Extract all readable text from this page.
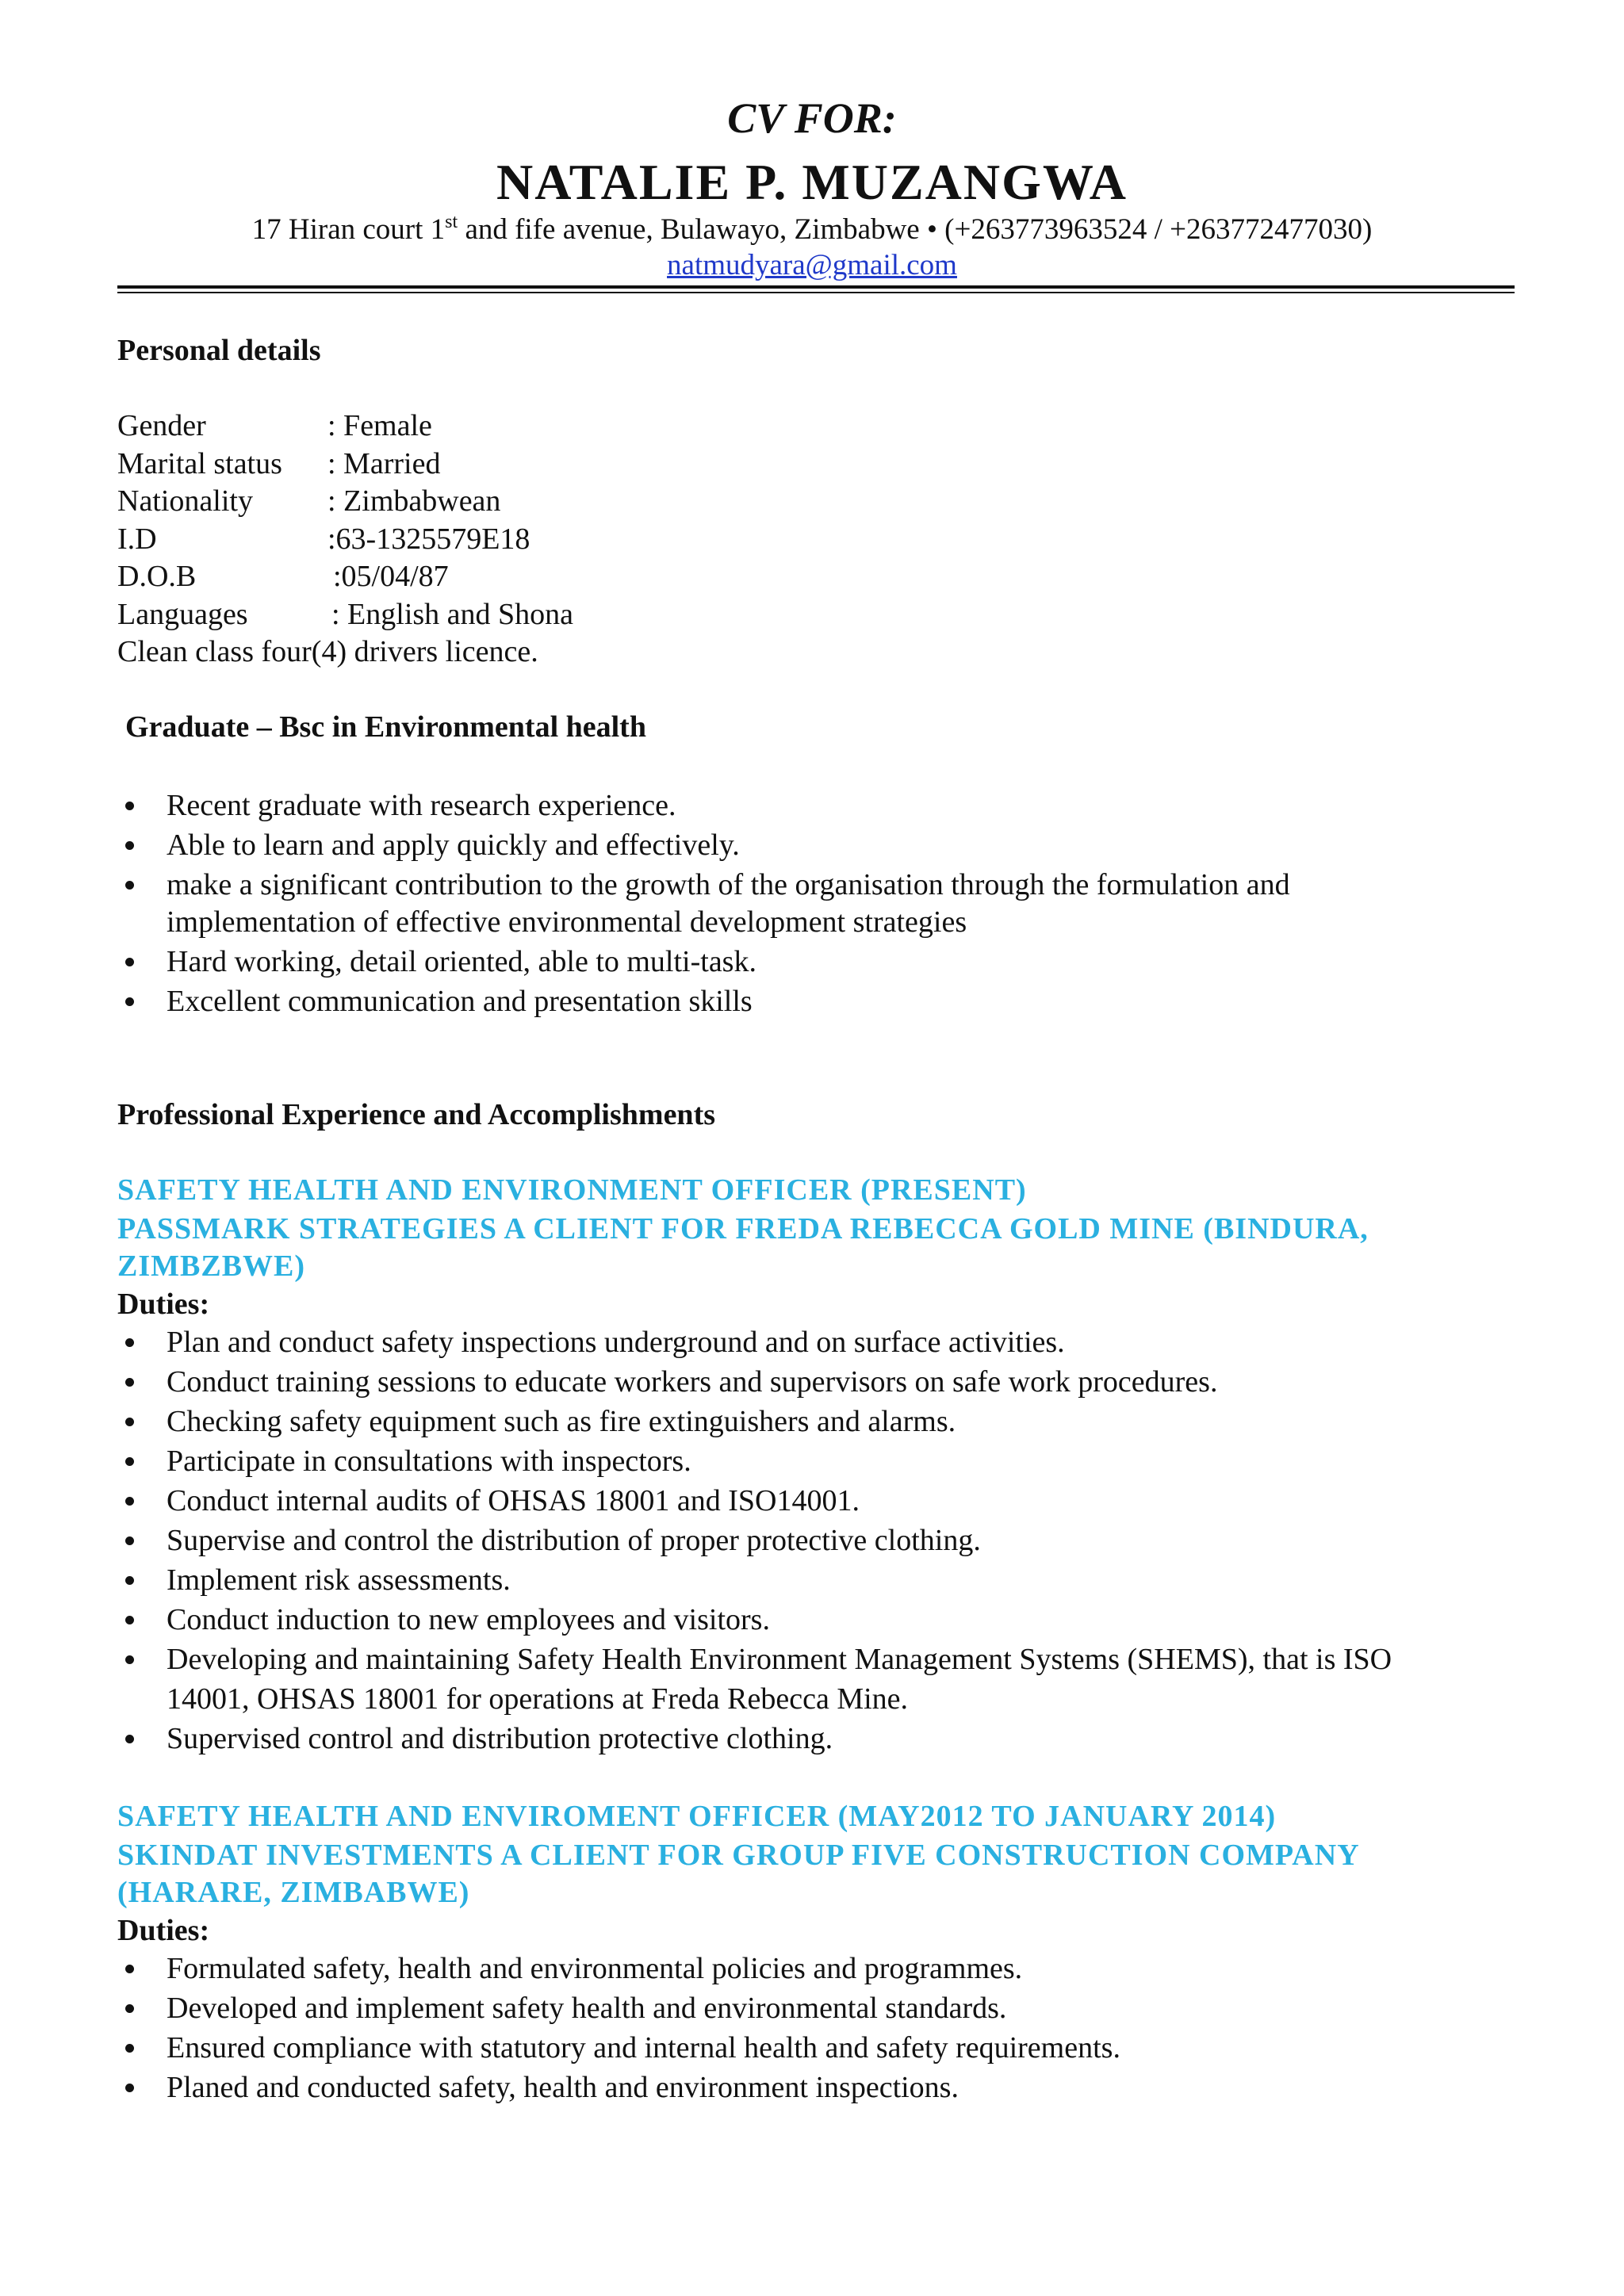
CV FOR:
NATALIE P. MUZANGWA
17 Hiran court 1st and fife avenue, Bulawayo, Zimbabwe • (+263773963524 / +263772477030)
natmudyara@gmail.com
Personal details
Gender	: Female
Marital status : Married
Nationality : Zimbabwean
I.D	:63-1325579E18
D.O.B	:05/04/87
Languages	: English and Shona
Clean class four(4) drivers licence.
Graduate – Bsc in Environmental health
Recent graduate with research experience.
Able to learn and apply quickly and effectively.
make a significant contribution to the growth of the organisation through the formulation and
implementation of effective environmental development strategies
Hard working, detail oriented, able to multi-task.
Excellent communication and presentation skills
Professional Experience and Accomplishments
SAFETY HEALTH AND ENVIRONMENT OFFICER (PRESENT)
PASSMARK STRATEGIES A CLIENT FOR FREDA REBECCA GOLD MINE (BINDURA,
ZIMBZBWE)
Duties:
Plan and conduct safety inspections underground and on surface activities.
Conduct training sessions to educate workers and supervisors on safe work procedures.
Checking safety equipment such as fire extinguishers and alarms.
Participate in consultations with inspectors.
Conduct internal audits of OHSAS 18001 and ISO14001.
Supervise and control the distribution of proper protective clothing.
Implement risk assessments.
Conduct induction to new employees and visitors.
Developing and maintaining Safety Health Environment Management Systems (SHEMS), that is ISO
14001, OHSAS 18001 for operations at Freda Rebecca Mine.
Supervised control and distribution protective clothing.
SAFETY HEALTH AND ENVIROMENT OFFICER (MAY2012 TO JANUARY 2014)
SKINDAT INVESTMENTS A CLIENT FOR GROUP FIVE CONSTRUCTION COMPANY
(HARARE, ZIMBABWE)
Duties:
Formulated safety, health and environmental policies and programmes.
Developed and implement safety health and environmental standards.
Ensured compliance with statutory and internal health and safety requirements.
Planed and conducted safety, health and environment inspections.
